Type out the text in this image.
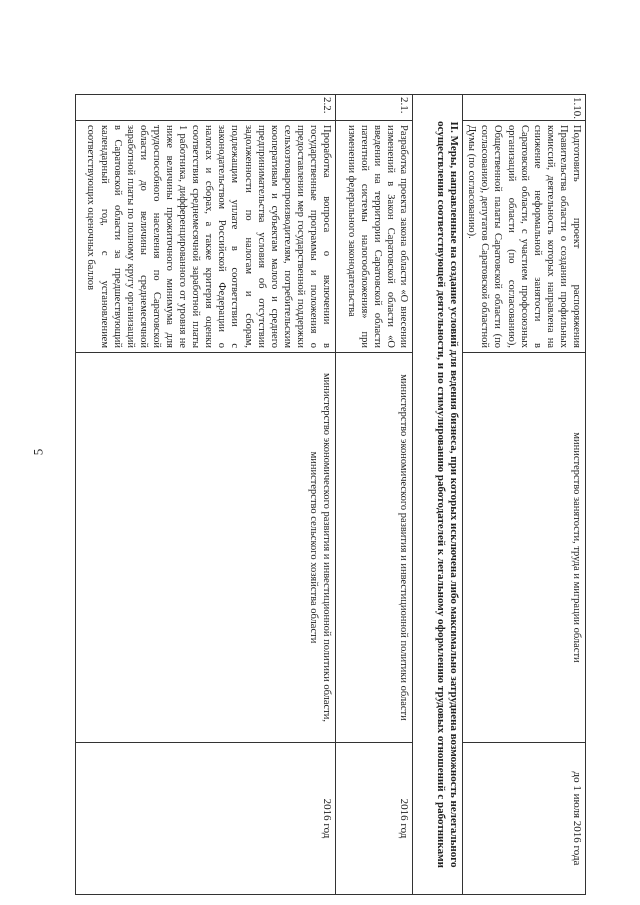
5
1.10.	Подготовить проект распоряжения Правительства области о создании профильных комиссий, деятельность которых направлена на снижение неформальной занятости в Саратовской области, с участием профсоюзных организаций области (по согласованию), Общественной палаты Саратовской области (по согласованию), депутатов Саратовской областной Думы (по согласованию).	министерство занятости, труда и миграции области	до 1 июля 2016 года
II. Меры, направленные на создание условий для ведения бизнеса, при которых исключена либо максимально затруднена возможность нелегального осуществления соответствующей деятельности, и по стимулированию работодателей к легальному оформлению трудовых отношений с работниками			
2.1.	Разработка проекта закона области «О внесении изменений в Закон Саратовской области «О введении на территории Саратовской области патентной системы налогообложения» при изменении федерального законодательства	министерство экономического развития и инвестиционной политики области	2016 год
2.2.	Проработка вопроса о включении в государственные программы и положения о предоставлении мер государственной поддержки сельхозтоваропроизводителям, потребительским кооперативам и субъектам малого и среднего предпринимательства условия об отсутствии задолженности по налогам и сборам, подлежащим уплате в соответствии с законодательством Российской Федерации о налогах и сборах, а также критерия оценки соответствия среднемесячной заработной платы 1 работника, дифференцированного от уровня не ниже величины прожиточного минимума для трудоспособного населения по Саратовской области до величины среднемесячной заработной платы по полному кругу организаций в Саратовской области за предшествующий календарный год, с установлением соответствующих оценочных баллов	министерство экономического развития и инвестиционной политики области, министерство сельского хозяйства области	2016 год
